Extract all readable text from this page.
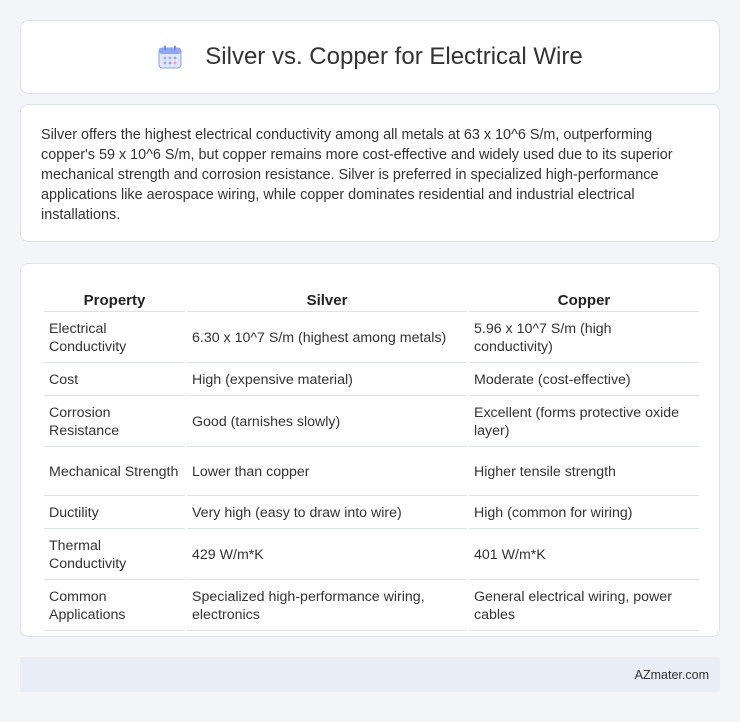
Silver vs. Copper for Electrical Wire

Silver offers the highest electrical conductivity among all metals at 63 x 10^6 S/m, outperforming copper's 59 x 10^6 S/m, but copper remains more cost-effective and widely used due to its superior mechanical strength and corrosion resistance. Silver is preferred in specialized high-performance applications like aerospace wiring, while copper dominates residential and industrial electrical installations.

Property	Silver	Copper
Electrical Conductivity	6.30 x 10^7 S/m (highest among metals)	5.96 x 10^7 S/m (high conductivity)
Cost	High (expensive material)	Moderate (cost-effective)
Corrosion Resistance	Good (tarnishes slowly)	Excellent (forms protective oxide layer)
Mechanical Strength	Lower than copper	Higher tensile strength
Ductility	Very high (easy to draw into wire)	High (common for wiring)
Thermal Conductivity	429 W/m*K	401 W/m*K
Common Applications	Specialized high-performance wiring, electronics	General electrical wiring, power cables
AZmater.com
